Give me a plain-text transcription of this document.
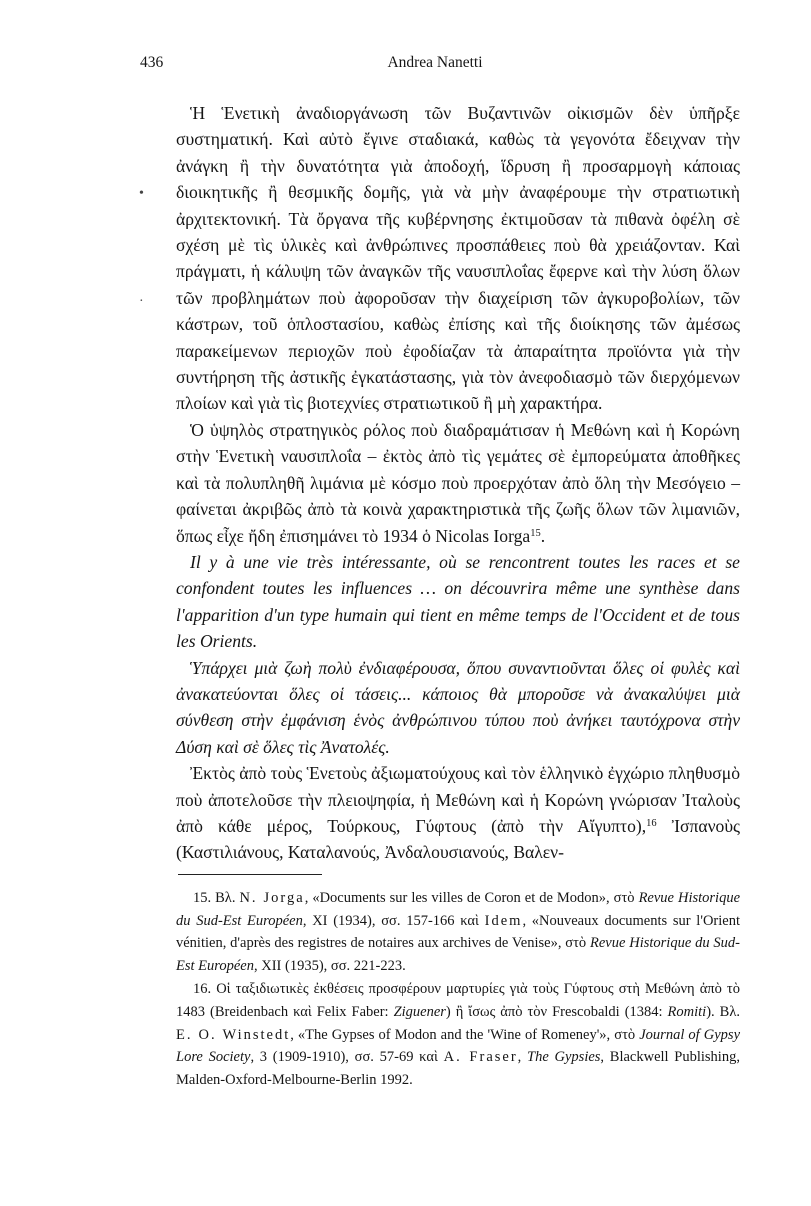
436	Andrea Nanetti
•
·

Ἡ Ἑνετικὴ ἀναδιοργάνωση τῶν Βυζαντινῶν οἰκισμῶν δὲν ὑπῆρξε συστηματική. Καὶ αὐτὸ ἔγινε σταδιακά, καθὼς τὰ γεγονότα ἔδειχναν τὴν ἀνάγκη ἢ τὴν δυνατότητα γιὰ ἀποδοχή, ἵδρυση ἢ προσαρμογὴ κάποιας διοικητικῆς ἢ θεσμικῆς δομῆς, γιὰ νὰ μὴν ἀναφέρουμε τὴν στρατιωτικὴ ἀρχιτεκτονική. Τὰ ὄργανα τῆς κυβέρνησης ἐκτιμοῦσαν τὰ πιθανὰ ὀφέλη σὲ σχέση μὲ τὶς ὑλικὲς καὶ ἀνθρώπινες προσπάθειες ποὺ θὰ χρειάζονταν. Καὶ πράγματι, ἡ κάλυψη τῶν ἀναγκῶν τῆς ναυσιπλοΐας ἔφερνε καὶ τὴν λύση ὅλων τῶν προβλημάτων ποὺ ἀφοροῦσαν τὴν διαχείριση τῶν ἀγκυροβολίων, τῶν κάστρων, τοῦ ὁπλοστασίου, καθὼς ἐπίσης καὶ τῆς διοίκησης τῶν ἀμέσως παρακείμενων περιοχῶν ποὺ ἐφοδίαζαν τὰ ἀπαραίτητα προϊόντα γιὰ τὴν συντήρηση τῆς ἀστικῆς ἐγκατάστασης, γιὰ τὸν ἀνεφοδιασμὸ τῶν διερχόμενων πλοίων καὶ γιὰ τὶς βιοτεχνίες στρατιωτικοῦ ἢ μὴ χαρακτήρα.

Ὁ ὑψηλὸς στρατηγικὸς ρόλος ποὺ διαδραμάτισαν ἡ Μεθώνη καὶ ἡ Κορώνη στὴν Ἑνετικὴ ναυσιπλοΐα – ἐκτὸς ἀπὸ τὶς γεμάτες σὲ ἐμπορεύματα ἀποθῆκες καὶ τὰ πολυπληθῆ λιμάνια μὲ κόσμο ποὺ προερχόταν ἀπὸ ὅλη τὴν Μεσόγειο – φαίνεται ἀκριβῶς ἀπὸ τὰ κοινὰ χαρακτηριστικὰ τῆς ζωῆς ὅλων τῶν λιμανιῶν, ὅπως εἶχε ἤδη ἐπισημάνει τὸ 1934 ὁ Nicolas Iorga$^{15}$.

Il y à une vie très intéressante, où se rencontrent toutes les races et se confondent toutes les influences … on découvrira même une synthèse dans l'apparition d'un type humain qui tient en même temps de l'Occident et de tous les Orients.

Ὑπάρχει μιὰ ζωὴ πολὺ ἐνδιαφέρουσα, ὅπου συναντιοῦνται ὅλες οἱ φυλὲς καὶ ἀνακατεύονται ὅλες οἱ τάσεις... κάποιος θὰ μποροῦσε νὰ ἀνακαλύψει μιὰ σύνθεση στὴν ἐμφάνιση ἑνὸς ἀνθρώπινου τύπου ποὺ ἀνήκει ταυτόχρονα στὴν Δύση καὶ σὲ ὅλες τὶς Ἀνατολές.

Ἐκτὸς ἀπὸ τοὺς Ἑνετοὺς ἀξιωματούχους καὶ τὸν ἑλληνικὸ ἐγχώριο πληθυσμὸ ποὺ ἀποτελοῦσε τὴν πλειοψηφία, ἡ Μεθώνη καὶ ἡ Κορώνη γνώρισαν Ἰταλοὺς ἀπὸ κάθε μέρος, Τούρκους, Γύφτους (ἀπὸ τὴν Αἴγυπτο),$^{16}$ Ἰσπανοὺς (Καστιλιάνους, Καταλανούς, Ἀνδαλουσιανούς, Βαλεν-

15. Βλ. N. Jorga, «Documents sur les villes de Coron et de Modon», στὸ Revue Historique du Sud-Est Européen, XI (1934), σσ. 157-166 καὶ Idem, «Nouveaux documents sur l'Orient vénitien, d'après des registres de notaires aux archives de Venise», στὸ Revue Historique du Sud-Est Européen, XII (1935), σσ. 221-223.

16. Οἱ ταξιδιωτικὲς ἐκθέσεις προσφέρουν μαρτυρίες γιὰ τοὺς Γύφτους στὴ Μεθώνη ἀπὸ τὸ 1483 (Breidenbach καὶ Felix Faber: Ziguener) ἢ ἴσως ἀπὸ τὸν Frescobaldi (1384: Romiti). Βλ. E. O. Winstedt, «The Gypses of Modon and the 'Wine of Romeney'», στὸ Journal of Gypsy Lore Society, 3 (1909-1910), σσ. 57-69 καὶ A. Fraser, The Gypsies, Blackwell Publishing, Malden-Oxford-Melbourne-Berlin 1992.
